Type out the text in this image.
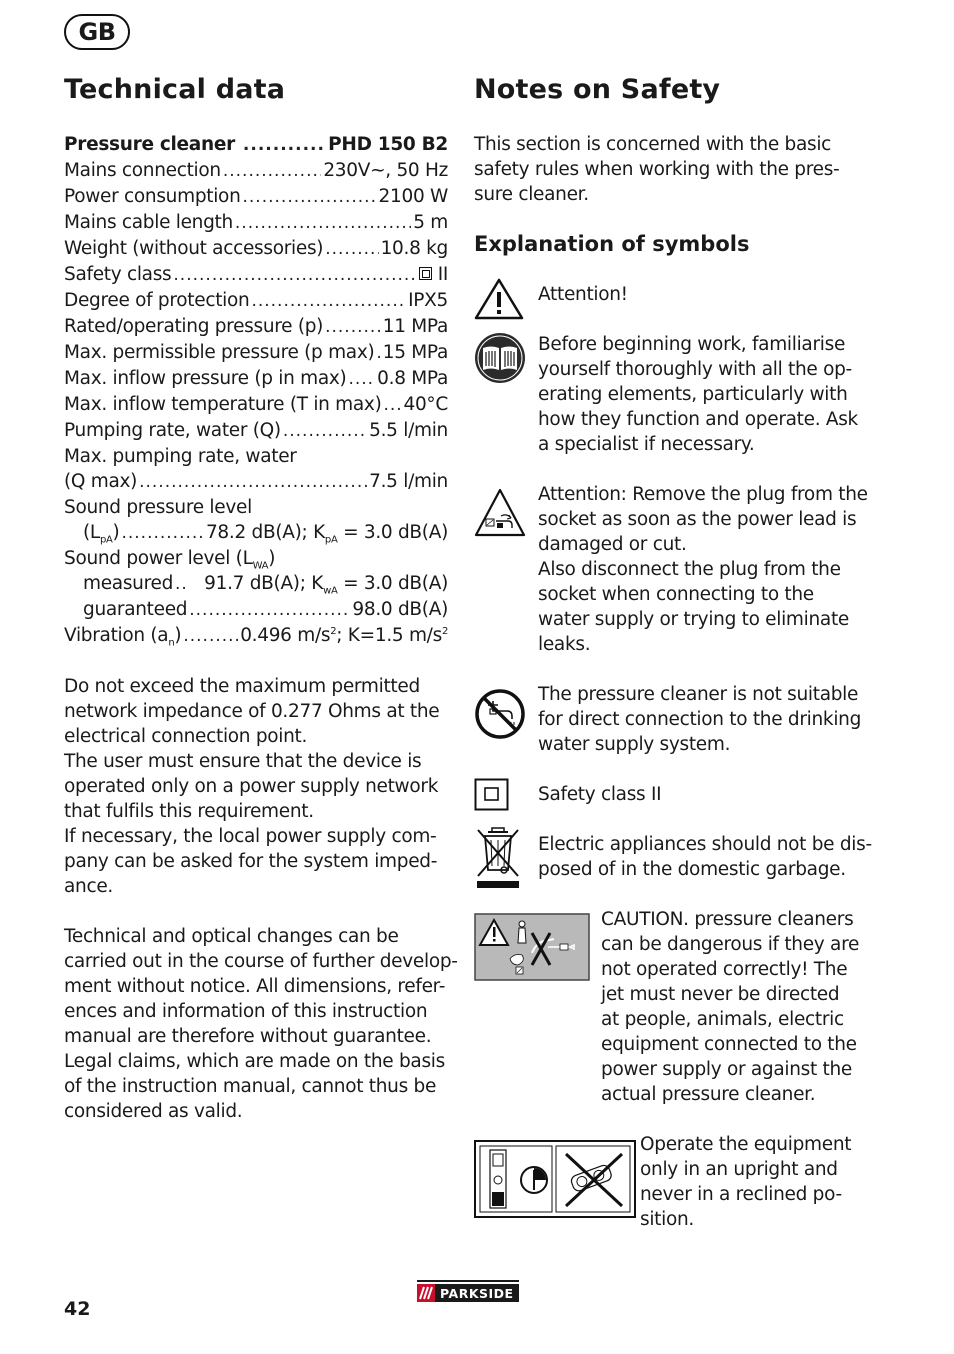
GB
Technical data	Notes on Safety
Pressure cleaner .....	PHD 150 B2
Mains connection .....	230V~, 50 Hz
Power consumption .....	2100 W
Mains cable length .....	5 m
Weight (without accessories) .....	10.8 kg
Safety class .....	II
Degree of protection .....	IPX5
Rated/operating pressure (p) .....	11 MPa
Max. permissible pressure (p max) ..... 15 MPa
Max. inflow pressure (p in max) ..... 0.8 MPa
Max. inflow temperature (T in max) ..... 40°C
Pumping rate, water (Q) .....	5.5 l/min
Max. pumping rate, water
(Q max) .....	7.5 l/min
Sound pressure level
$(L_{pA})$ .....	78.2 dB(A); $K_{pA} = 3.0$ dB(A)
Sound power level $(L_{WA})$
measured ..... 91.7 dB(A); $K_{wA} = 3.0$ dB(A)
guaranteed .....	98.0 dB(A)
Vibration $(a_n)$ .....	0.496 $m/s^2$; K=1.5 $m/s^2$
Do not exceed the maximum permitted
network impedance of 0.277 Ohms at the
electrical connection point.
The user must ensure that the device is
operated only on a power supply network
that fulfils this requirement.
If necessary, the local power supply com-
pany can be asked for the system imped-
ance.
Technical and optical changes can be
carried out in the course of further develop-
ment without notice. All dimensions, refer-
ences and information of this instruction
manual are therefore without guarantee.
Legal claims, which are made on the basis
of the instruction manual, cannot thus be
considered as valid.
This section is concerned with the basic
safety rules when working with the pres-
sure cleaner.
Explanation of symbols
Attention!
Before beginning work, familiarise
yourself thoroughly with all the op-
erating elements, particularly with
how they function and operate. Ask
a specialist if necessary.
Attention: Remove the plug from the
socket as soon as the power lead is
damaged or cut.
Also disconnect the plug from the
socket when connecting to the
water supply or trying to eliminate
leaks.
The pressure cleaner is not suitable
for direct connection to the drinking
water supply system.
Safety class II
Electric appliances should not be dis-
posed of in the domestic garbage.
CAUTION. pressure cleaners
can be dangerous if they are
not operated correctly! The
jet must never be directed
at people, animals, electric
equipment connected to the
power supply or against the
actual pressure cleaner.
Operate the equipment
only in an upright and
never in a reclined po-
sition.
42
PARKSIDE
